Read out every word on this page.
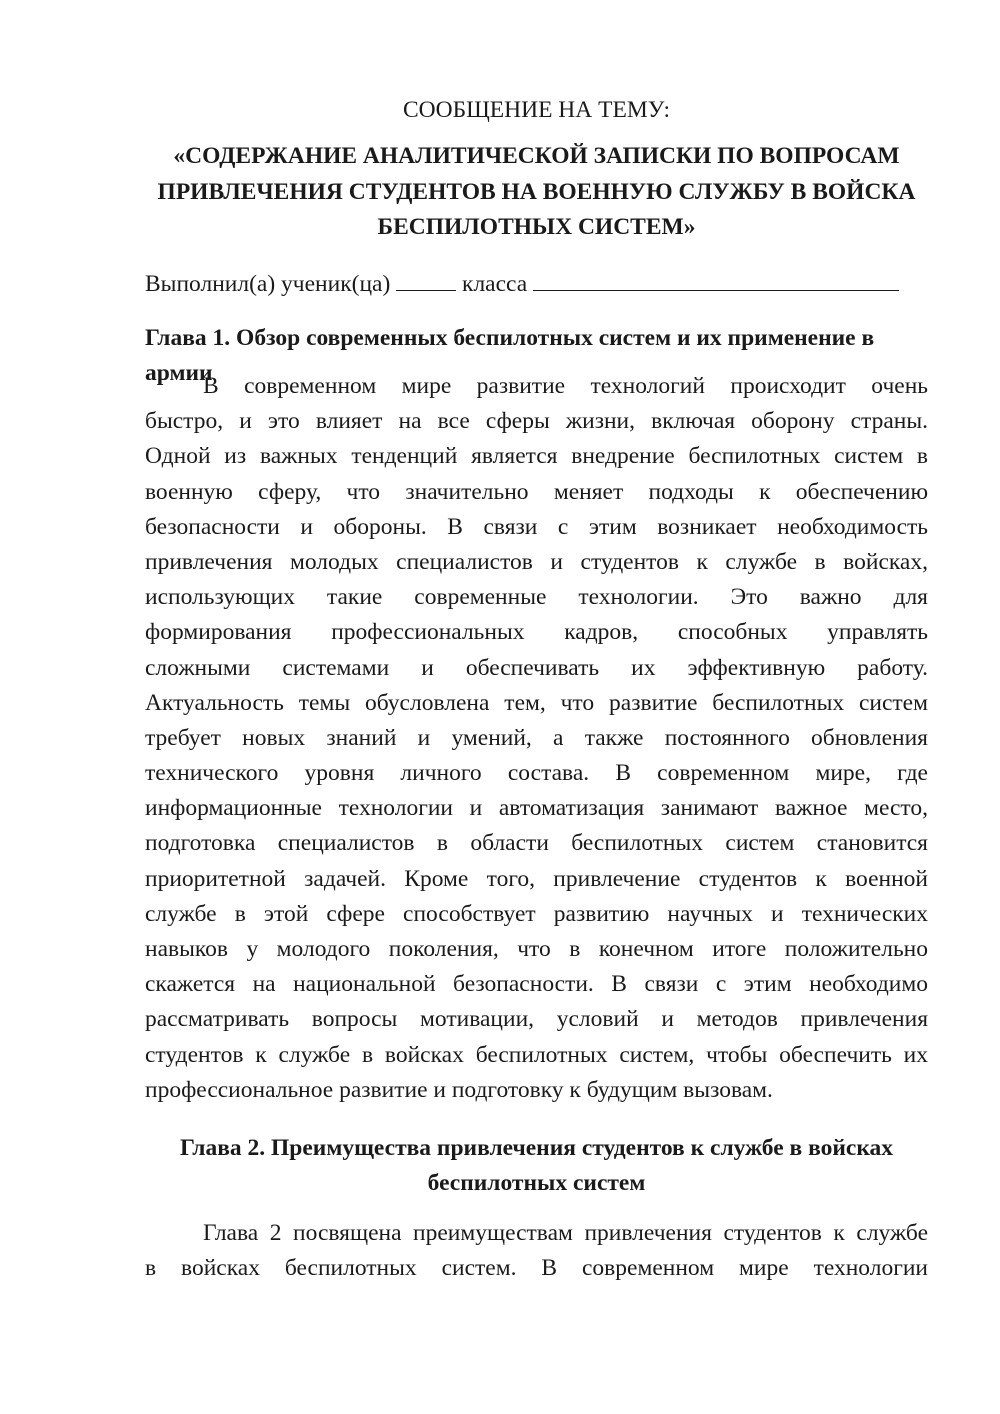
СООБЩЕНИЕ НА ТЕМУ:
«СОДЕРЖАНИЕ АНАЛИТИЧЕСКОЙ ЗАПИСКИ ПО ВОПРОСАМ
ПРИВЛЕЧЕНИЯ СТУДЕНТОВ НА ВОЕННУЮ СЛУЖБУ В ВОЙСКА
БЕСПИЛОТНЫХ СИСТЕМ»
Выполнил(а) ученик(ца)	класса
Глава 1. Обзор современных беспилотных систем и их применение в армии
В современном мире развитие технологий происходит очень
быстро, и это влияет на все сферы жизни, включая оборону страны.
Одной из важных тенденций является внедрение беспилотных систем в
военную сферу, что значительно меняет подходы к обеспечению
безопасности и обороны. В связи с этим возникает необходимость
привлечения молодых специалистов и студентов к службе в войсках,
использующих такие современные технологии. Это важно для
формирования профессиональных кадров, способных управлять
сложными системами и обеспечивать их эффективную работу.
Актуальность темы обусловлена тем, что развитие беспилотных систем
требует новых знаний и умений, а также постоянного обновления
технического уровня личного состава. В современном мире, где
информационные технологии и автоматизация занимают важное место,
подготовка специалистов в области беспилотных систем становится
приоритетной задачей. Кроме того, привлечение студентов к военной
службе в этой сфере способствует развитию научных и технических
навыков у молодого поколения, что в конечном итоге положительно
скажется на национальной безопасности. В связи с этим необходимо
рассматривать вопросы мотивации, условий и методов привлечения
студентов к службе в войсках беспилотных систем, чтобы обеспечить их
профессиональное развитие и подготовку к будущим вызовам.
Глава 2. Преимущества привлечения студентов к службе в войсках
беспилотных систем
Глава 2 посвящена преимуществам привлечения студентов к службе
в войсках беспилотных систем. В современном мире технологии
